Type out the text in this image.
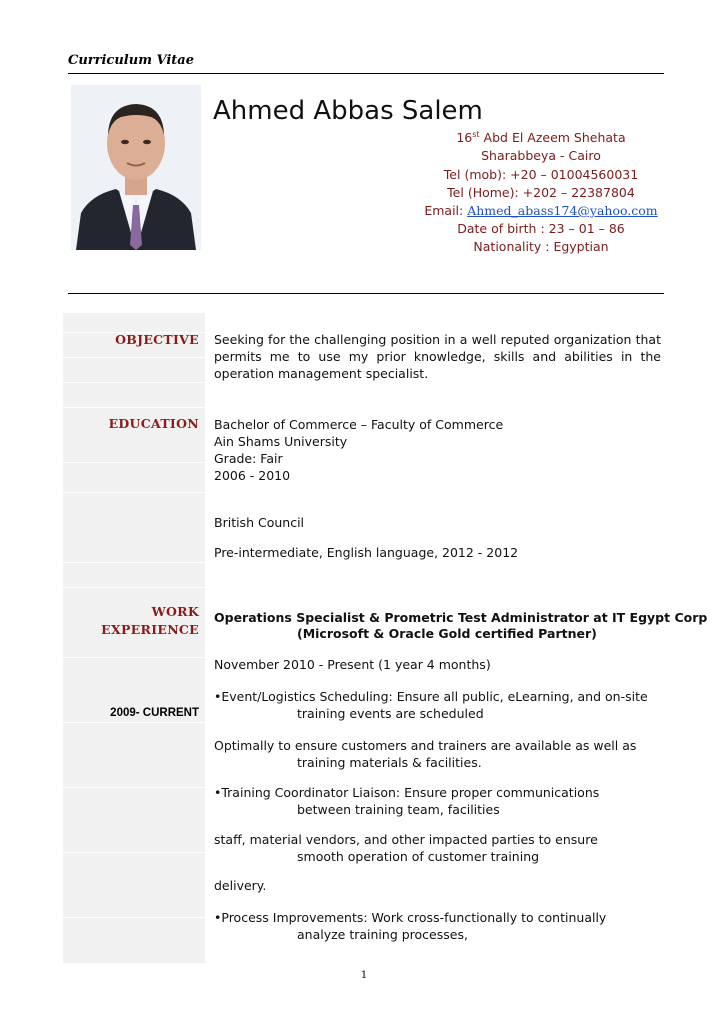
Curriculum Vitae
Ahmed Abbas Salem
16st Abd El Azeem Shehata
Sharabbeya - Cairo
Tel (mob): +20 – 01004560031
Tel (Home): +202 – 22387804
Email: Ahmed_abass174@yahoo.com
Date of birth : 23 – 01 – 86
Nationality : Egyptian
OBJECTIVE
EDUCATION
WORK
EXPERIENCE
2009- CURRENT
Seeking for the challenging position in a well reputed organization that permits me to use my prior knowledge, skills and abilities in the operation management specialist.
Bachelor of Commerce – Faculty of Commerce
Ain Shams University
Grade: Fair
2006 - 2010
British Council
Pre-intermediate, English language, 2012 - 2012
Operations Specialist & Prometric Test Administrator at IT Egypt Corp
(Microsoft & Oracle Gold certified Partner)
November 2010 - Present (1 year 4 months)
•Event/Logistics Scheduling: Ensure all public, eLearning, and on-site
training events are scheduled
Optimally to ensure customers and trainers are available as well as
training materials & facilities.
•Training Coordinator Liaison: Ensure proper communications
between training team, facilities
staff, material vendors, and other impacted parties to ensure
smooth operation of customer training
delivery.
•Process Improvements: Work cross-functionally to continually
analyze training processes,
1
